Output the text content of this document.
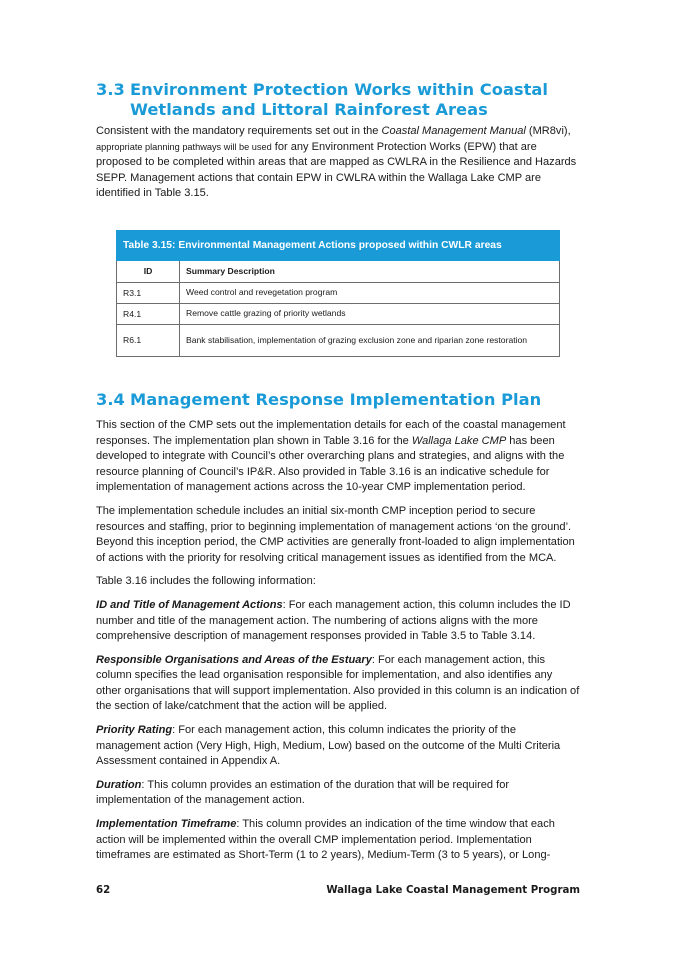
3.3 Environment Protection Works within Coastal Wetlands and Littoral Rainforest Areas

Consistent with the mandatory requirements set out in the Coastal Management Manual (MR8vi), appropriate planning pathways will be used for any Environment Protection Works (EPW) that are proposed to be completed within areas that are mapped as CWLRA in the Resilience and Hazards SEPP. Management actions that contain EPW in CWLRA within the Wallaga Lake CMP are identified in Table 3.15.

Table 3.15: Environmental Management Actions proposed within CWLR areas	
ID	Summary Description
R3.1	Weed control and revegetation program
R4.1	Remove cattle grazing of priority wetlands
R6.1	Bank stabilisation, implementation of grazing exclusion zone and riparian zone restoration
3.4 Management Response Implementation Plan

This section of the CMP sets out the implementation details for each of the coastal management responses. The implementation plan shown in Table 3.16 for the Wallaga Lake CMP has been developed to integrate with Council’s other overarching plans and strategies, and aligns with the resource planning of Council’s IP&R. Also provided in Table 3.16 is an indicative schedule for implementation of management actions across the 10-year CMP implementation period.

The implementation schedule includes an initial six-month CMP inception period to secure resources and staffing, prior to beginning implementation of management actions ‘on the ground’. Beyond this inception period, the CMP activities are generally front-loaded to align implementation of actions with the priority for resolving critical management issues as identified from the MCA.

Table 3.16 includes the following information:

ID and Title of Management Actions: For each management action, this column includes the ID number and title of the management action. The numbering of actions aligns with the more comprehensive description of management responses provided in Table 3.5 to Table 3.14.

Responsible Organisations and Areas of the Estuary: For each management action, this column specifies the lead organisation responsible for implementation, and also identifies any other organisations that will support implementation. Also provided in this column is an indication of the section of lake/catchment that the action will be applied.

Priority Rating: For each management action, this column indicates the priority of the management action (Very High, High, Medium, Low) based on the outcome of the Multi Criteria Assessment contained in Appendix A.

Duration: This column provides an estimation of the duration that will be required for implementation of the management action.

Implementation Timeframe: This column provides an indication of the time window that each action will be implemented within the overall CMP implementation period. Implementation timeframes are estimated as Short-Term (1 to 2 years), Medium-Term (3 to 5 years), or Long-

62	Wallaga Lake Coastal Management Program
